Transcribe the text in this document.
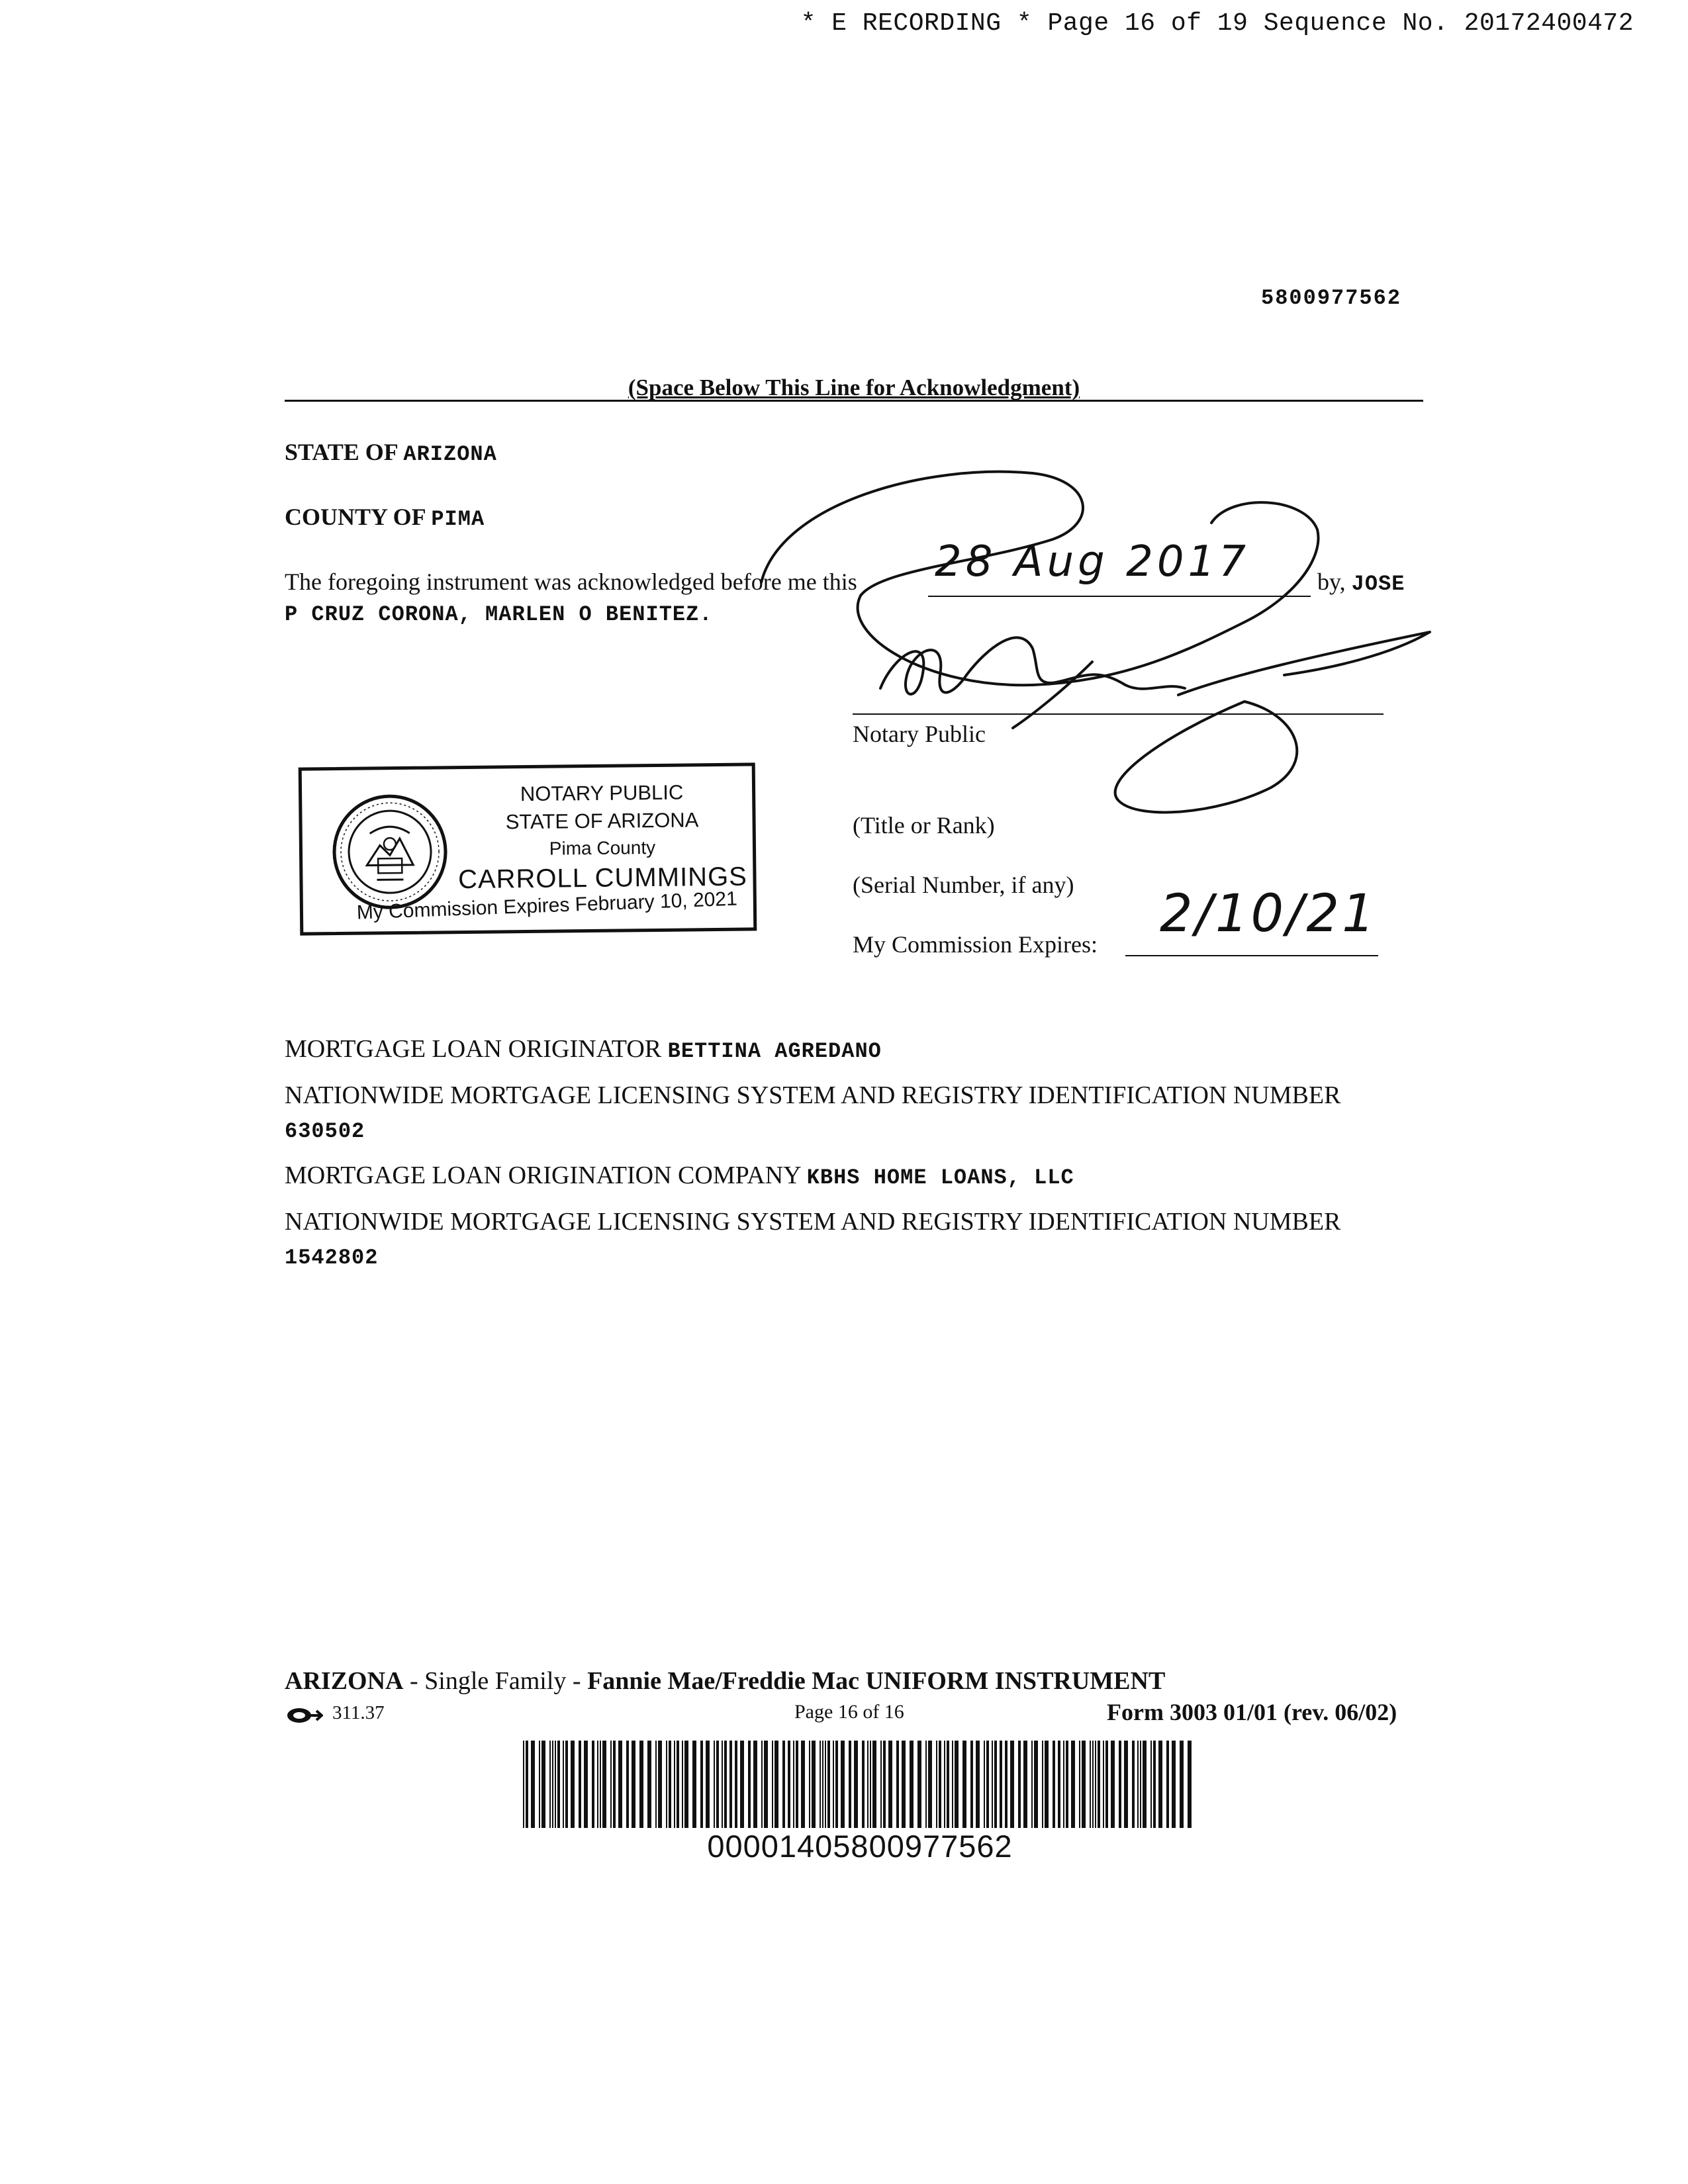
* E RECORDING * Page 16 of 19 Sequence No. 20172400472
5800977562
(Space Below This Line for Acknowledgment)
STATE OF ARIZONA
COUNTY OF PIMA
The foregoing instrument was acknowledged before me this	by, JOSE
P CRUZ CORONA, MARLEN O BENITEZ.
Notary Public
(Title or Rank)
(Serial Number, if any)
My Commission Expires:
NOTARY PUBLIC
STATE OF ARIZONA
Pima County
CARROLL CUMMINGS
My Commission Expires February 10, 2021
28 Aug 2017
2/10/21
MORTGAGE LOAN ORIGINATOR BETTINA AGREDANO
NATIONWIDE MORTGAGE LICENSING SYSTEM AND REGISTRY IDENTIFICATION NUMBER
630502
MORTGAGE LOAN ORIGINATION COMPANY KBHS HOME LOANS, LLC
NATIONWIDE MORTGAGE LICENSING SYSTEM AND REGISTRY IDENTIFICATION NUMBER
1542802
ARIZONA - Single Family - Fannie Mae/Freddie Mac UNIFORM INSTRUMENT
311.37	Page 16 of 16	Form 3003 01/01 (rev. 06/02)
00001405800977562
